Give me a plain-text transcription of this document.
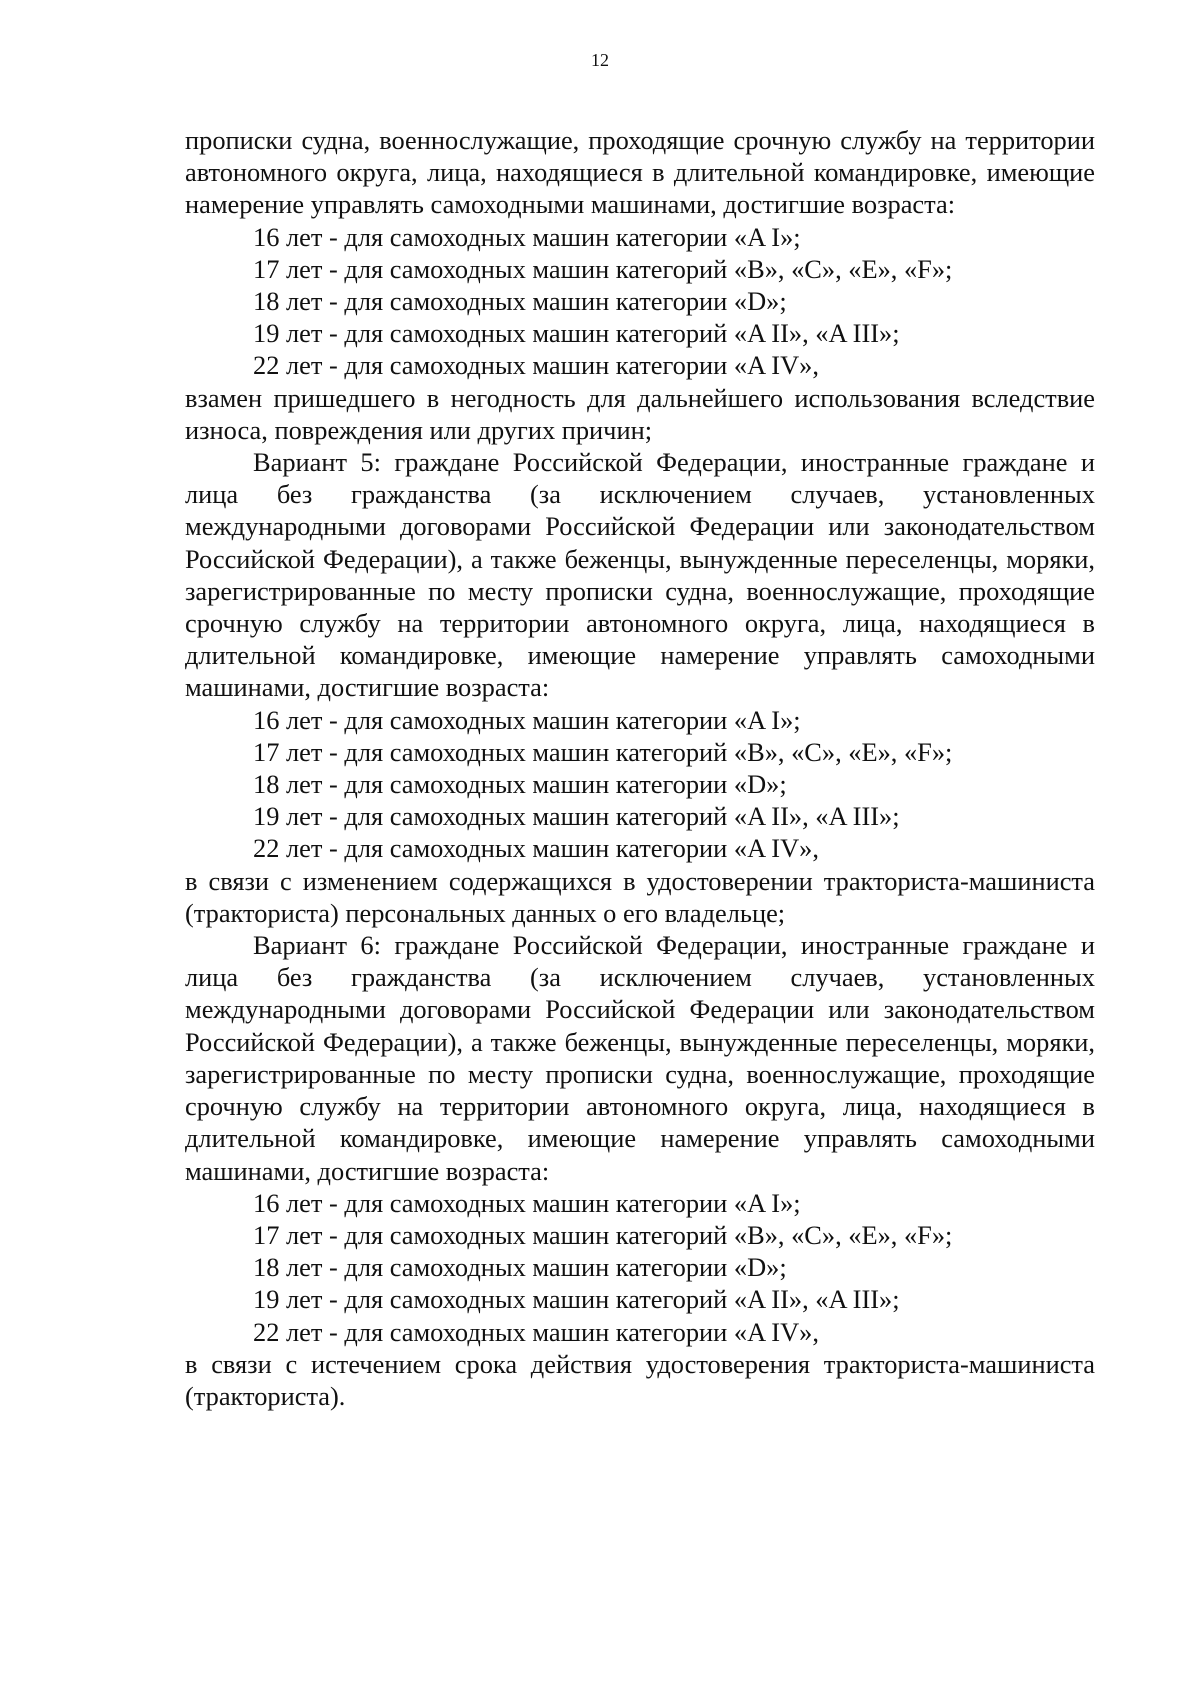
12

прописки судна, военнослужащие, проходящие срочную службу на территории автономного округа, лица, находящиеся в длительной командировке, имеющие намерение управлять самоходными машинами, достигшие возраста:

16 лет - для самоходных машин категории «A I»;
17 лет - для самоходных машин категорий «B», «C», «E», «F»;
18 лет - для самоходных машин категории «D»;
19 лет - для самоходных машин категорий «A II», «A III»;
22 лет - для самоходных машин категории «A IV»,

взамен пришедшего в негодность для дальнейшего использования вследствие износа, повреждения или других причин;

Вариант 5: граждане Российской Федерации, иностранные граждане и лица без гражданства (за исключением случаев, установленных международными договорами Российской Федерации или законодательством Российской Федерации), а также беженцы, вынужденные переселенцы, моряки, зарегистрированные по месту прописки судна, военнослужащие, проходящие срочную службу на территории автономного округа, лица, находящиеся в длительной командировке, имеющие намерение управлять самоходными машинами, достигшие возраста:

16 лет - для самоходных машин категории «A I»;
17 лет - для самоходных машин категорий «B», «C», «E», «F»;
18 лет - для самоходных машин категории «D»;
19 лет - для самоходных машин категорий «A II», «A III»;
22 лет - для самоходных машин категории «A IV»,

в связи с изменением содержащихся в удостоверении тракториста-машиниста (тракториста) персональных данных о его владельце;

Вариант 6: граждане Российской Федерации, иностранные граждане и лица без гражданства (за исключением случаев, установленных международными договорами Российской Федерации или законодательством Российской Федерации), а также беженцы, вынужденные переселенцы, моряки, зарегистрированные по месту прописки судна, военнослужащие, проходящие срочную службу на территории автономного округа, лица, находящиеся в длительной командировке, имеющие намерение управлять самоходными машинами, достигшие возраста:

16 лет - для самоходных машин категории «A I»;
17 лет - для самоходных машин категорий «B», «C», «E», «F»;
18 лет - для самоходных машин категории «D»;
19 лет - для самоходных машин категорий «A II», «A III»;
22 лет - для самоходных машин категории «A IV»,

в связи с истечением срока действия удостоверения тракториста-машиниста (тракториста).
